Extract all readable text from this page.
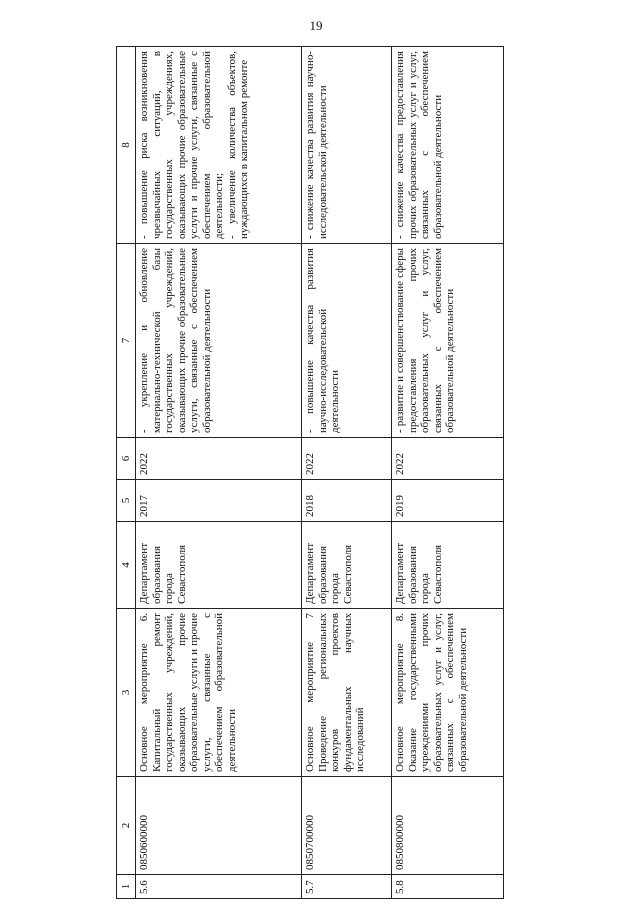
19
1	2	3	4	5	6	7	8
5.6	0850600000	Основное мероприятие 6. Капитальный ремонт государственных учреждений, оказывающих прочие образовательные услуги и прочие услуги, связанные с обеспечением образовательной деятельности	Департамент образования города Севастополя	2017	2022	- укрепление и обновление материально-технической базы государственных учреждений, оказывающих прочие образовательные услуги, связанные с обеспечением образовательной деятельности	- повышение риска возникновения чрезвычайных ситуаций, в государственных учреждениях, оказывающих прочие образовательные услуги и прочие услуги, связанные с обеспечением образовательной деятельности; - увеличение количества объектов, нуждающихся в капитальном ремонте

5.7	0850700000	Основное мероприятие 7 Проведение региональных конкуров проектов фундаментальных научных исследований	Департамент образования города Севастополя	2018	2022	- повышение качества развития научно-исследовательской деятельности	- снижение качества развития научно-исследовательской деятельности

5.8	0850800000	Основное мероприятие 8. Оказание государственными учреждениями прочих образовательных услуг и услуг, связанных с обеспечением образовательной деятельности	Департамент образования города Севастополя	2019	2022	- развитие и совершенствование сферы предоставления прочих образовательных услуг и услуг, связанных с обеспечением образовательной деятельности	- снижение качества предоставления прочих образовательных услуг и услуг, связанных с обеспечением образовательной деятельности
